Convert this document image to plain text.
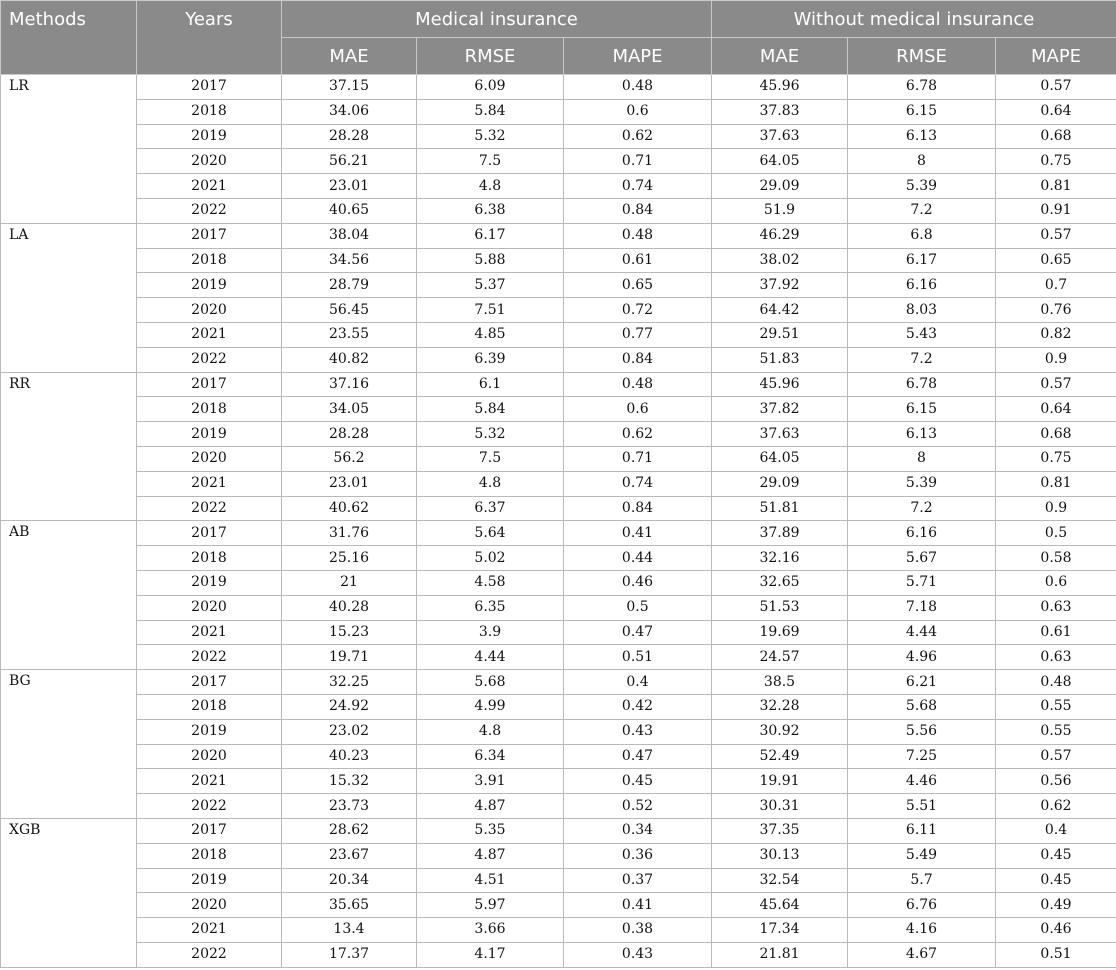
Methods	Years	Medical insurance			Without medical insurance		
		MAE	RMSE	MAPE	MAE	RMSE	MAPE
LR	2017	37.15	6.09	0.48	45.96	6.78	0.57
	2018	34.06	5.84	0.6	37.83	6.15	0.64
	2019	28.28	5.32	0.62	37.63	6.13	0.68
	2020	56.21	7.5	0.71	64.05	8	0.75
	2021	23.01	4.8	0.74	29.09	5.39	0.81
	2022	40.65	6.38	0.84	51.9	7.2	0.91
LA	2017	38.04	6.17	0.48	46.29	6.8	0.57
	2018	34.56	5.88	0.61	38.02	6.17	0.65
	2019	28.79	5.37	0.65	37.92	6.16	0.7
	2020	56.45	7.51	0.72	64.42	8.03	0.76
	2021	23.55	4.85	0.77	29.51	5.43	0.82
	2022	40.82	6.39	0.84	51.83	7.2	0.9
RR	2017	37.16	6.1	0.48	45.96	6.78	0.57
	2018	34.05	5.84	0.6	37.82	6.15	0.64
	2019	28.28	5.32	0.62	37.63	6.13	0.68
	2020	56.2	7.5	0.71	64.05	8	0.75
	2021	23.01	4.8	0.74	29.09	5.39	0.81
	2022	40.62	6.37	0.84	51.81	7.2	0.9
AB	2017	31.76	5.64	0.41	37.89	6.16	0.5
	2018	25.16	5.02	0.44	32.16	5.67	0.58
	2019	21	4.58	0.46	32.65	5.71	0.6
	2020	40.28	6.35	0.5	51.53	7.18	0.63
	2021	15.23	3.9	0.47	19.69	4.44	0.61
	2022	19.71	4.44	0.51	24.57	4.96	0.63
BG	2017	32.25	5.68	0.4	38.5	6.21	0.48
	2018	24.92	4.99	0.42	32.28	5.68	0.55
	2019	23.02	4.8	0.43	30.92	5.56	0.55
	2020	40.23	6.34	0.47	52.49	7.25	0.57
	2021	15.32	3.91	0.45	19.91	4.46	0.56
	2022	23.73	4.87	0.52	30.31	5.51	0.62
XGB	2017	28.62	5.35	0.34	37.35	6.11	0.4
	2018	23.67	4.87	0.36	30.13	5.49	0.45
	2019	20.34	4.51	0.37	32.54	5.7	0.45
	2020	35.65	5.97	0.41	45.64	6.76	0.49
	2021	13.4	3.66	0.38	17.34	4.16	0.46
	2022	17.37	4.17	0.43	21.81	4.67	0.51
